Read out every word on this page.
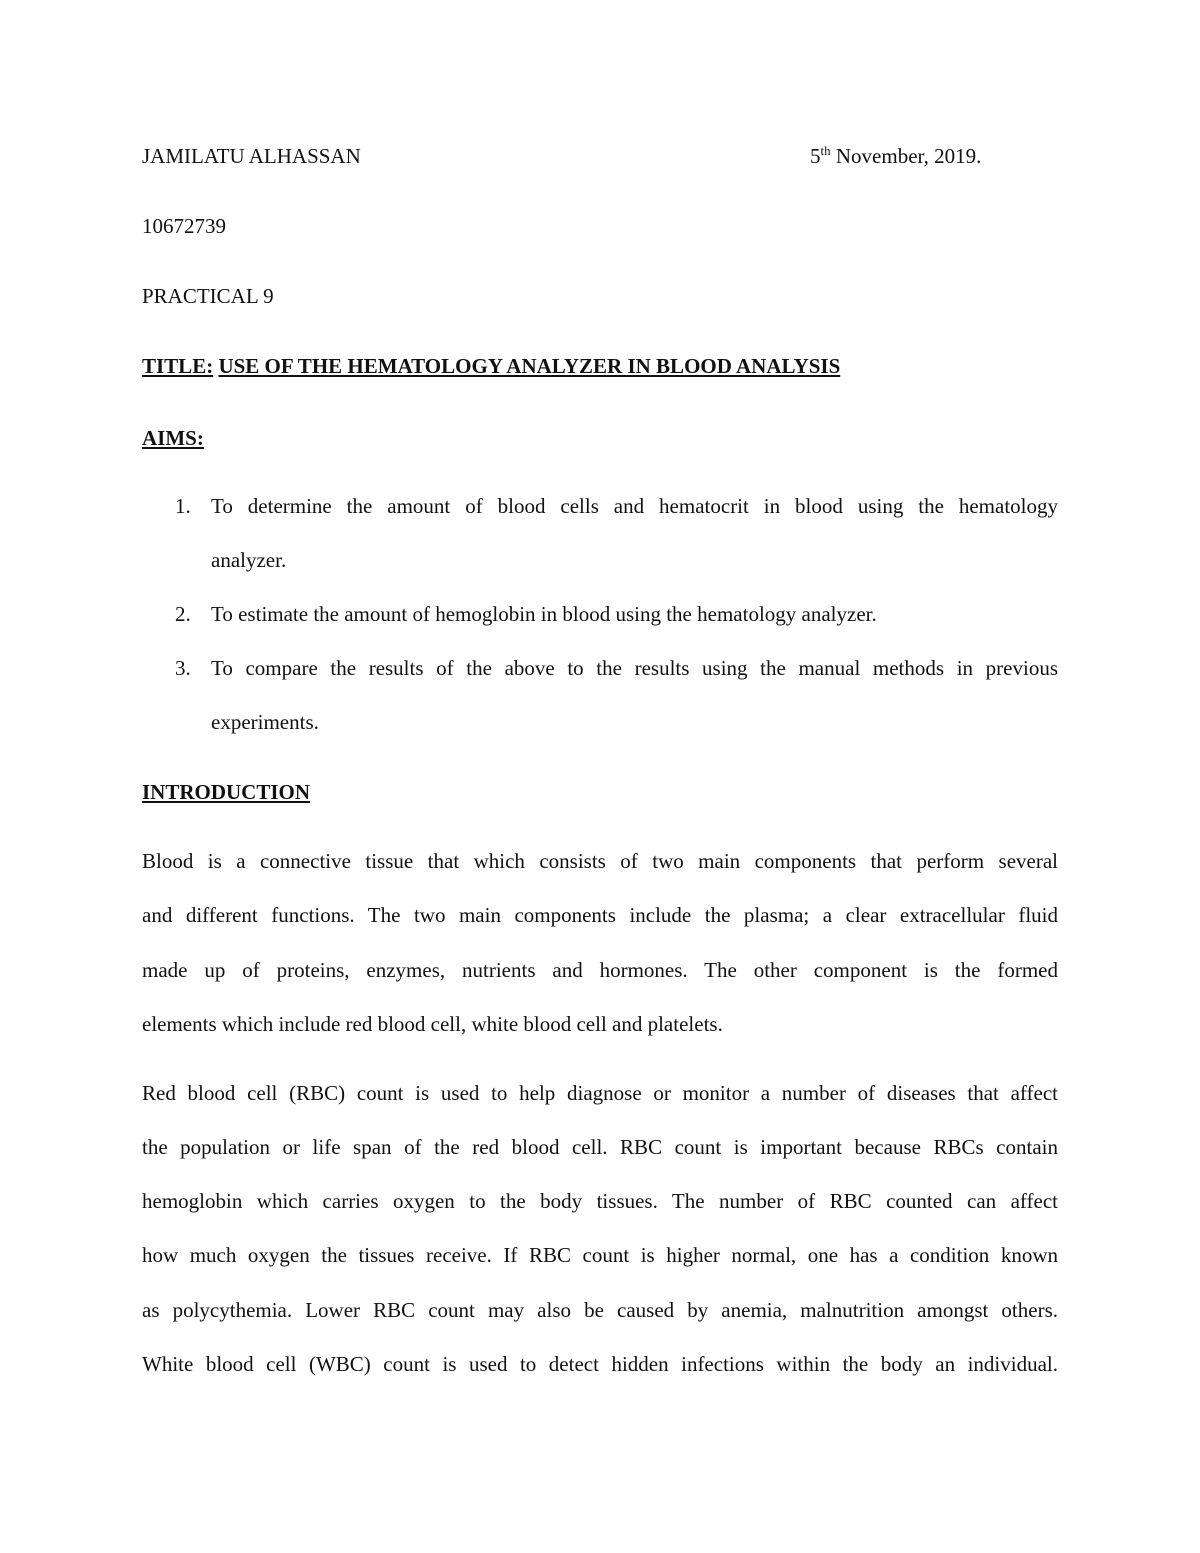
JAMILATU ALHASSAN	5th November, 2019.
10672739
PRACTICAL 9
TITLE: USE OF THE HEMATOLOGY ANALYZER IN BLOOD ANALYSIS
AIMS:
1. To determine the amount of blood cells and hematocrit in blood using the hematology
analyzer.
2. To estimate the amount of hemoglobin in blood using the hematology analyzer.
3. To compare the results of the above to the results using the manual methods in previous
experiments.
INTRODUCTION
Blood is a connective tissue that which consists of two main components that perform several
and different functions. The two main components include the plasma; a clear extracellular fluid
made up of proteins, enzymes, nutrients and hormones. The other component is the formed
elements which include red blood cell, white blood cell and platelets.
Red blood cell (RBC) count is used to help diagnose or monitor a number of diseases that affect
the population or life span of the red blood cell. RBC count is important because RBCs contain
hemoglobin which carries oxygen to the body tissues. The number of RBC counted can affect
how much oxygen the tissues receive. If RBC count is higher normal, one has a condition known
as polycythemia. Lower RBC count may also be caused by anemia, malnutrition amongst others.
White blood cell (WBC) count is used to detect hidden infections within the body an individual.
